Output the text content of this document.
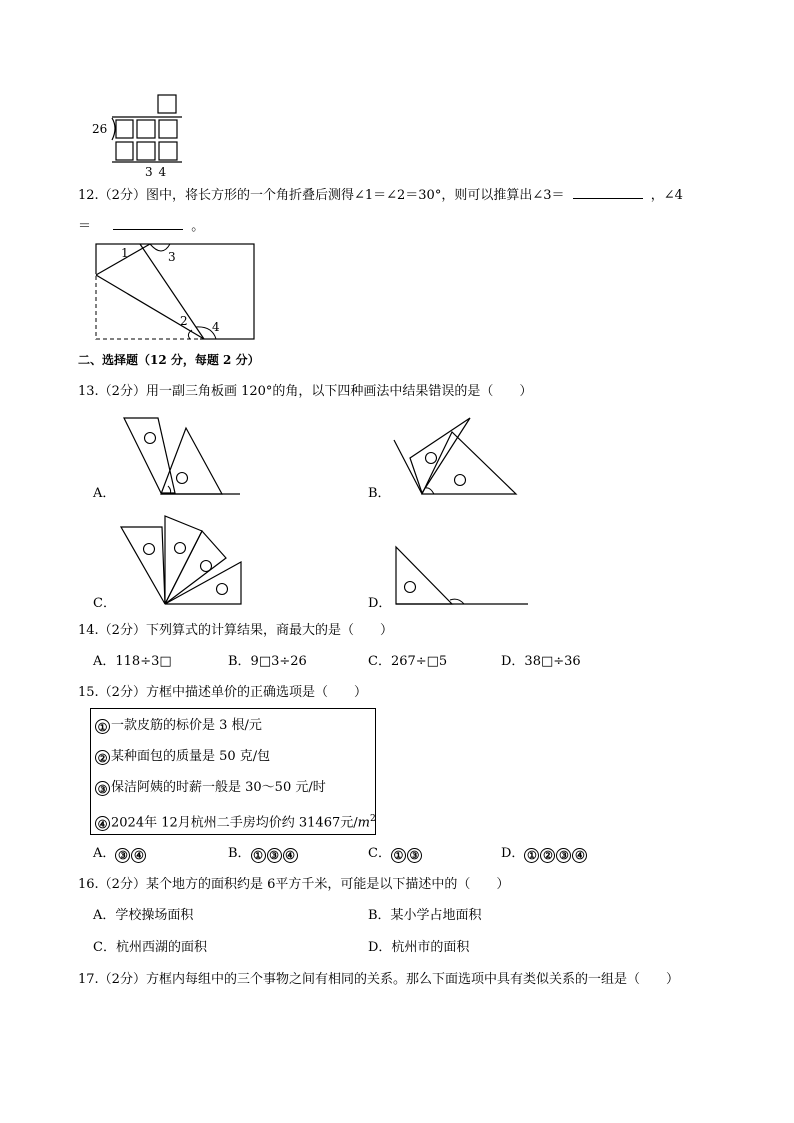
26
3 4
12.（2分）图中，将长方形的一个角折叠后测得∠1＝∠2＝30°，则可以推算出∠3＝	，∠4
＝	。
1	3
2 4
二、选择题（12 分，每题 2 分）
13.（2分）用一副三角板画 120°的角，以下四种画法中结果错误的是（　　）
A．	B．
C．	D．
14.（2分）下列算式的计算结果，商最大的是（　　）
A．118÷3□	B．9□3÷26	C．267÷□5	D．38□÷36
15.（2分）方框中描述单价的正确选项是（　　）
① 一款皮筋的标价是 3 根/元
② 某种面包的质量是 50 克/包
③ 保洁阿姨的时薪一般是 30～50 元/时
④ 2024年 12月杭州二手房均价约 31467元$/m^2$
A． ③ ④	B． ① ③ ④	C． ① ③	D． ① ② ③ ④
16.（2分）某个地方的面积约是 6平方千米，可能是以下描述中的（　　）
A．学校操场面积	B．某小学占地面积
C．杭州西湖的面积	D．杭州市的面积
17.（2分）方框内每组中的三个事物之间有相同的关系。那么下面选项中具有类似关系的一组是（　　）
